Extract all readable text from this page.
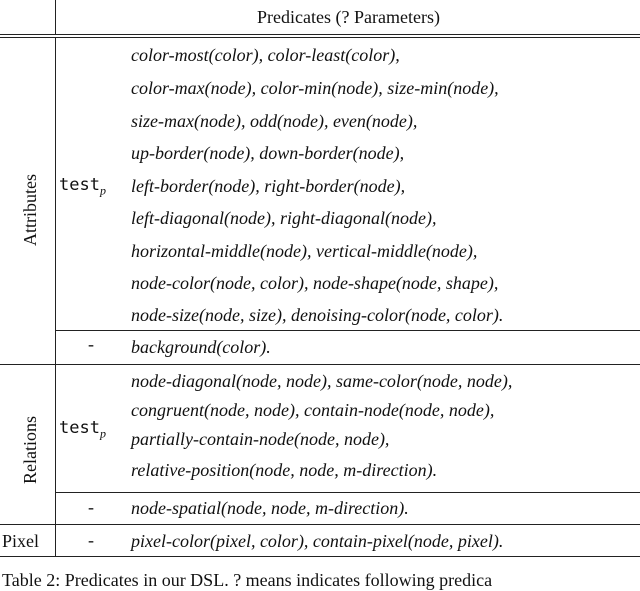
Predicates (? Parameters)
Attributes test$_p$
color-most(color), color-least(color),
color-max(node), color-min(node), size-min(node),
size-max(node), odd(node), even(node),
up-border(node), down-border(node),
left-border(node), right-border(node),
left-diagonal(node), right-diagonal(node),
horizontal-middle(node), vertical-middle(node),
node-color(node, color), node-shape(node, shape),
node-size(node, size), denoising-color(node, color).
- background(color).
Relations test$_p$
node-diagonal(node, node), same-color(node, node),
congruent(node, node), contain-node(node, node),
partially-contain-node(node, node),
relative-position(node, node, m-direction).
- node-spatial(node, node, m-direction).
Pixel	- pixel-color(pixel, color), contain-pixel(node, pixel).
Table 2: Predicates in our DSL. ? means indicates following predica
